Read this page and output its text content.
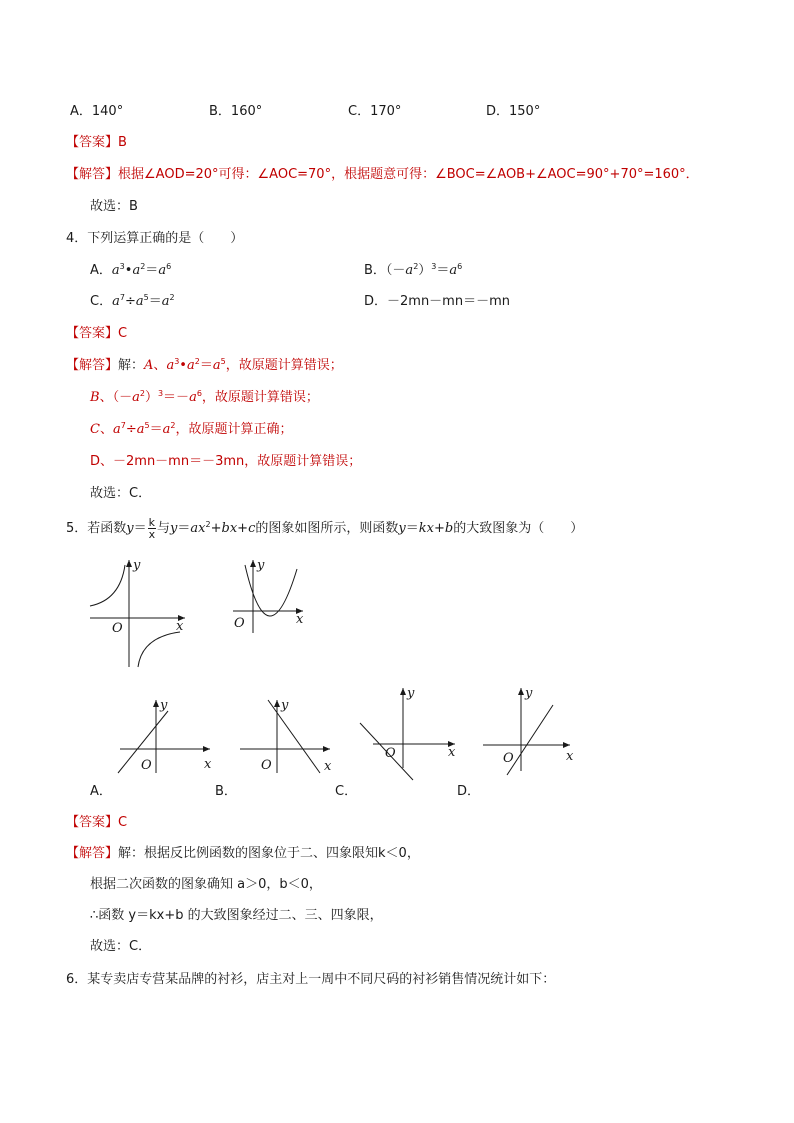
A．140°	B．160°	C．170°	D．150°
【答案】B
【解答】根据∠AOD=20°可得：∠AOC=70°，根据题意可得：∠BOC=∠AOB+∠AOC=90°+70°=160°．
故选：B
4．下列运算正确的是（　　）
A．$a^3•a^2=a^6$	B．$(-a^2)^3=a^6$
C．$a^7\div a^5=a^2$	D．－2mn－mn＝－mn
【答案】C
【解答】解：A、$a^3•a^2=a^5$，故原题计算错误；
B、$(-a^2)^3=-a^6$，故原题计算错误；
C、$a^7\div a^5=a^2$，故原题计算正确；
D、－2mn－mn＝－3mn，故原题计算错误；
故选：C．
5．若函数$y= \frac{k}{x}$ 与$y=ax^2+bx+c$的图象如图所示，则函数y＝kx+b的大致图象为（　　）
O	x
y
O	x
y
O	x
y
O	x
y
O	x
y
O	x
y
A．	B．	C．	D．
【答案】C
【解答】解：根据反比例函数的图象位于二、四象限知k＜0，
根据二次函数的图象确知 a＞0，b＜0，
∴函数 y＝kx+b 的大致图象经过二、三、四象限，
故选：C．
6．某专卖店专营某品牌的衬衫，店主对上一周中不同尺码的衬衫销售情况统计如下：
